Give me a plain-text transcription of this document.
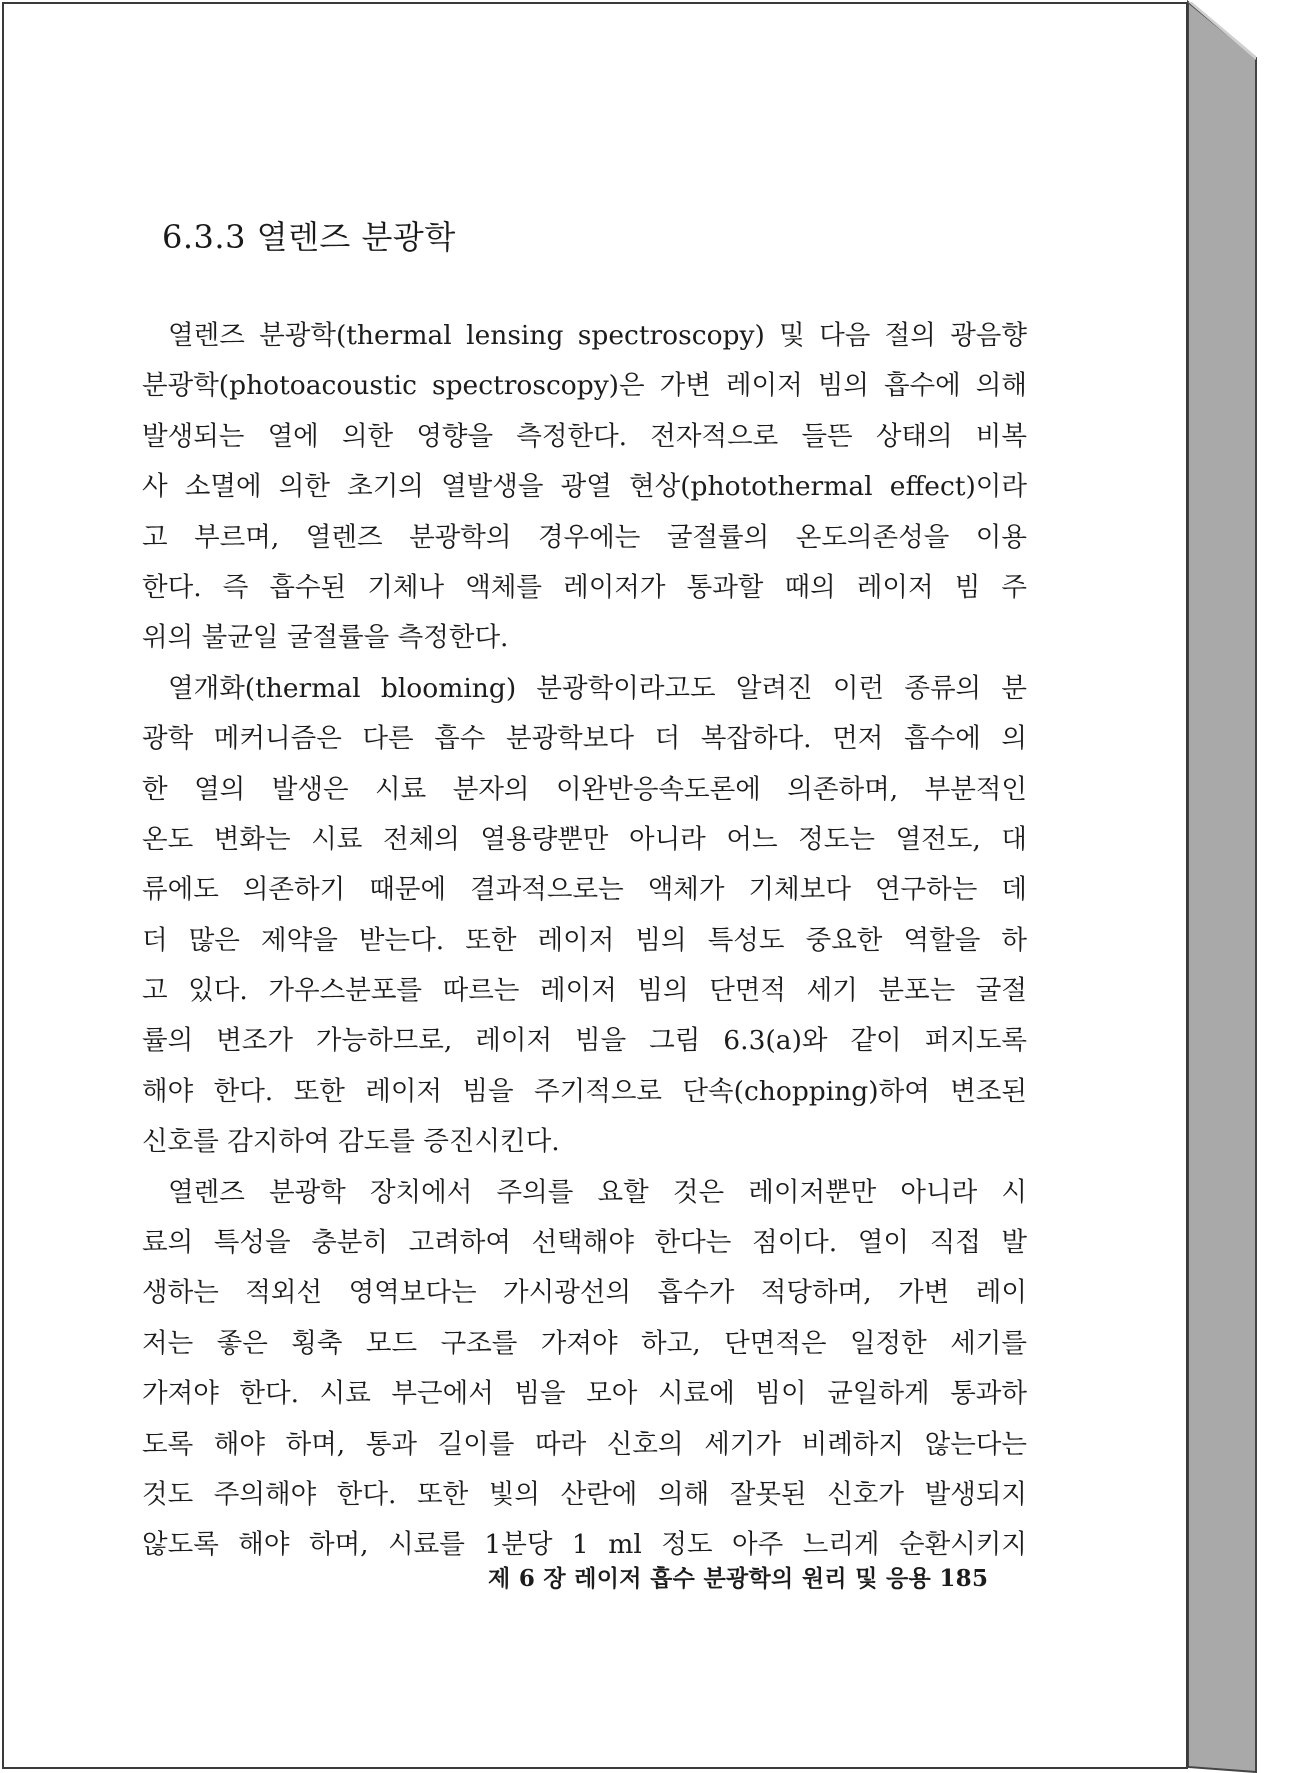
6.3.3 열렌즈 분광학
열렌즈 분광학(thermal lensing spectroscopy) 및 다음 절의 광음향
분광학(photoacoustic spectroscopy)은 가변 레이저 빔의 흡수에 의해
발생되는 열에 의한 영향을 측정한다. 전자적으로 들뜬 상태의 비복
사 소멸에 의한 초기의 열발생을 광열 현상(photothermal effect)이라
고 부르며, 열렌즈 분광학의 경우에는 굴절률의 온도의존성을 이용
한다. 즉 흡수된 기체나 액체를 레이저가 통과할 때의 레이저 빔 주
위의 불균일 굴절률을 측정한다.
열개화(thermal blooming) 분광학이라고도 알려진 이런 종류의 분
광학 메커니즘은 다른 흡수 분광학보다 더 복잡하다. 먼저 흡수에 의
한 열의 발생은 시료 분자의 이완반응속도론에 의존하며, 부분적인
온도 변화는 시료 전체의 열용량뿐만 아니라 어느 정도는 열전도, 대
류에도 의존하기 때문에 결과적으로는 액체가 기체보다 연구하는 데
더 많은 제약을 받는다. 또한 레이저 빔의 특성도 중요한 역할을 하
고 있다. 가우스분포를 따르는 레이저 빔의 단면적 세기 분포는 굴절
률의 변조가 가능하므로, 레이저 빔을 그림 6.3(a)와 같이 퍼지도록
해야 한다. 또한 레이저 빔을 주기적으로 단속(chopping)하여 변조된
신호를 감지하여 감도를 증진시킨다.
열렌즈 분광학 장치에서 주의를 요할 것은 레이저뿐만 아니라 시
료의 특성을 충분히 고려하여 선택해야 한다는 점이다. 열이 직접 발
생하는 적외선 영역보다는 가시광선의 흡수가 적당하며, 가변 레이
저는 좋은 횡축 모드 구조를 가져야 하고, 단면적은 일정한 세기를
가져야 한다. 시료 부근에서 빔을 모아 시료에 빔이 균일하게 통과하
도록 해야 하며, 통과 길이를 따라 신호의 세기가 비례하지 않는다는
것도 주의해야 한다. 또한 빛의 산란에 의해 잘못된 신호가 발생되지
않도록 해야 하며, 시료를 1분당 1 ml 정도 아주 느리게 순환시키지
제 6 장 레이저 흡수 분광학의 원리 및 응용 185
